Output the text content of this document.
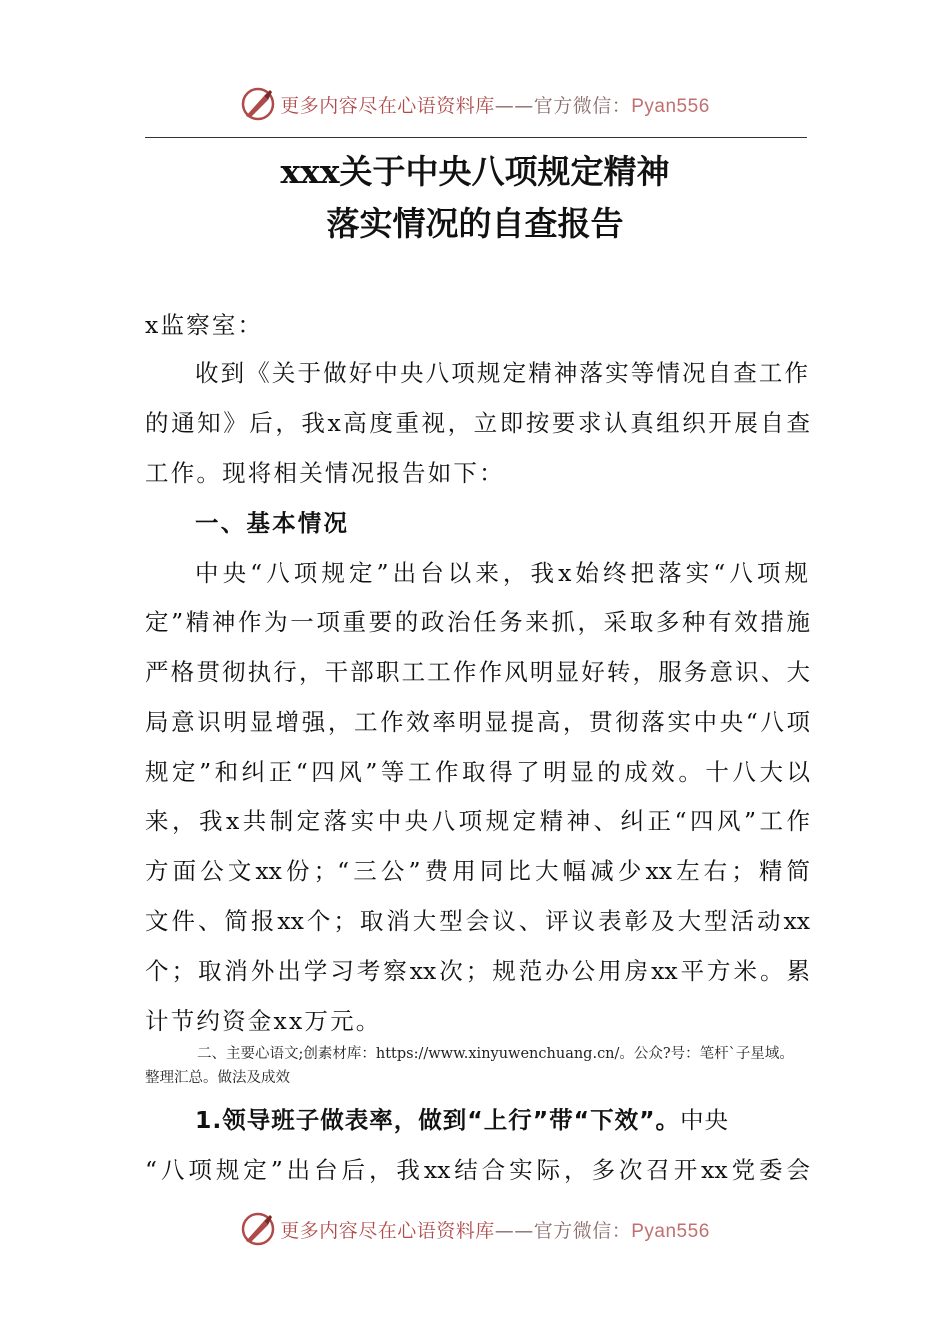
更多内容尽在心语资料库——官方微信：Pyan556
xxx关于中央八项规定精神
落实情况的自查报告
x监察室：
收到《关于做好中央八项规定精神落实等情况自查工作
的通知》后，我x高度重视，立即按要求认真组织开展自查
工作。现将相关情况报告如下：
一、基本情况
中央“八项规定”出台以来，我x始终把落实“八项规
定”精神作为一项重要的政治任务来抓，采取多种有效措施
严格贯彻执行，干部职工工作作风明显好转，服务意识、大
局意识明显增强，工作效率明显提高，贯彻落实中央“八项
规定”和纠正“四风”等工作取得了明显的成效。十八大以
来，我x共制定落实中央八项规定精神、纠正“四风”工作
方面公文xx份；“三公”费用同比大幅减少xx左右；精简
文件、简报xx个；取消大型会议、评议表彰及大型活动xx
个；取消外出学习考察xx次；规范办公用房xx平方米。累
计节约资金xx万元。
二、主要心语文;创素材库：https://www.xinyuwenchuang.cn/。公众?号：笔杆`子星域。
整理汇总。做法及成效
1.领导班子做表率，做到“上行”带“下效”。中央
“八项规定”出台后，我xx结合实际，多次召开xx党委会
更多内容尽在心语资料库——官方微信：Pyan556
